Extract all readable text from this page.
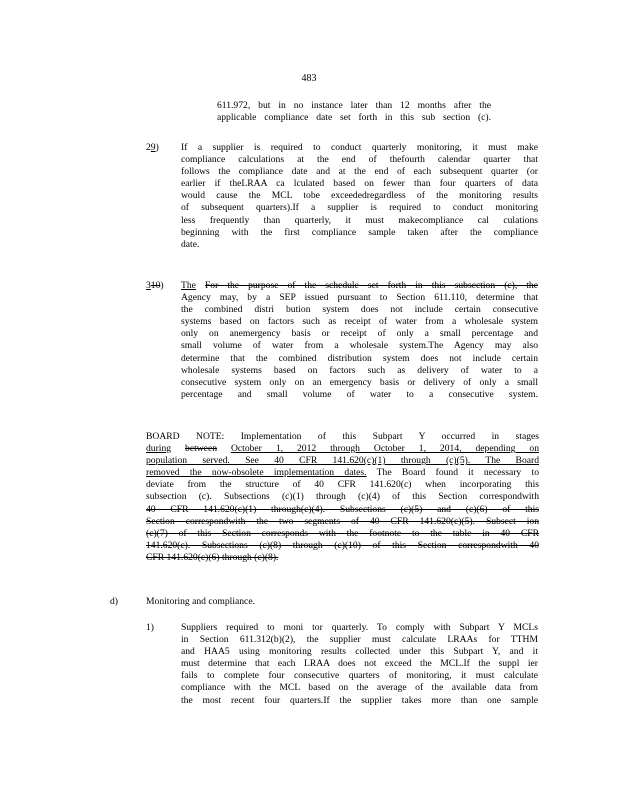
483
611.972, but in no instance later than 12 months after the
applicable compliance date set forth in this sub section (c).
29) If a supplier is required to conduct quarterly monitoring, it must make
compliance calculations at the end of thefourth calendar quarter that
follows the compliance date and at the end of each subsequent quarter (or
earlier if theLRAA ca lculated based on fewer than four quarters of data
would cause the MCL tobe exceededregardless of the monitoring results
of subsequent quarters).If a supplier is required to conduct monitoring
less frequently than quarterly, it must makecompliance cal culations
beginning with the first compliance sample taken after the compliance
date.
310) The For the purpose of the schedule set forth in this subsection (c), the
Agency may, by a SEP issued pursuant to Section 611.110, determine that
the combined distri bution system does not include certain consecutive
systems based on factors such as receipt of water from a wholesale system
only on anemergency basis or receipt of only a small percentage and
small volume of water from a wholesale system.The Agency may also
determine that the combined distribution system does not include certain
wholesale systems based on factors such as delivery of water to a
consecutive system only on an emergency basis or delivery of only a small
percentage and small volume of water to a consecutive system.
BOARD NOTE: Implementation of this Subpart Y occurred in stages
during between October 1, 2012 through October 1, 2014, depending on
population served. See 40 CFR 141.620(c)(1) through (c)(5). The Board
removed the now-obsolete implementation dates. The Board found it necessary to
deviate from the structure of 40 CFR 141.620(c) when incorporating this
subsection (c). Subsections (c)(1) through (c)(4) of this Section correspondwith
40 CFR 141.620(c)(1) through(c)(4). Subsections (c)(5) and (c)(6) of this
Section correspondwith the two segments of 40 CFR 141.620(c)(5). Subsect ion
(c)(7) of this Section corresponds with the footnote to the table in 40 CFR
141.620(c). Subsections (c)(8) through (c)(10) of this Section correspondwith 40
CFR 141.620(c)(6) through (c)(8).
d)	Monitoring and compliance.
1)	Suppliers required to moni tor quarterly. To comply with Subpart Y MCLs
in Section 611.312(b)(2), the supplier must calculate LRAAs for TTHM
and HAA5 using monitoring results collected under this Subpart Y, and it
must determine that each LRAA does not exceed the MCL.If the suppl ier
fails to complete four consecutive quarters of monitoring, it must calculate
compliance with the MCL based on the average of the available data from
the most recent four quarters.If the supplier takes more than one sample
